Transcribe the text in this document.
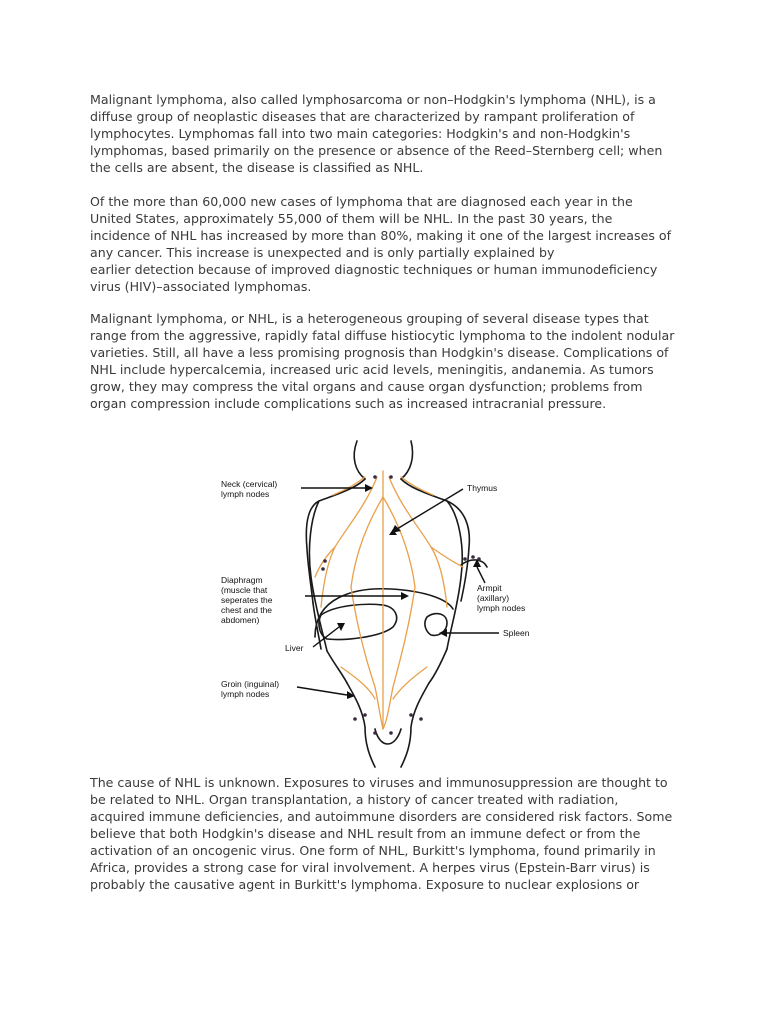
Malignant lymphoma, also called lymphosarcoma or non–Hodgkin's lymphoma (NHL), is a
diffuse group of neoplastic diseases that are characterized by rampant proliferation of
lymphocytes. Lymphomas fall into two main categories: Hodgkin's and non-Hodgkin's
lymphomas, based primarily on the presence or absence of the Reed–Sternberg cell; when
the cells are absent, the disease is classified as NHL.

Of the more than 60,000 new cases of lymphoma that are diagnosed each year in the
United States, approximately 55,000 of them will be NHL. In the past 30 years, the
incidence of NHL has increased by more than 80%, making it one of the largest increases of
any cancer. This increase is unexpected and is only partially explained by
earlier detection because of improved diagnostic techniques or human immunodeficiency
virus (HIV)–associated lymphomas.

Malignant lymphoma, or NHL, is a heterogeneous grouping of several disease types that
range from the aggressive, rapidly fatal diffuse histiocytic lymphoma to the indolent nodular
varieties. Still, all have a less promising prognosis than Hodgkin's disease. Complications of
NHL include hypercalcemia, increased uric acid levels, meningitis, andanemia. As tumors
grow, they may compress the vital organs and cause organ dysfunction; problems from
organ compression include complications such as increased intracranial pressure.

Neck (cervical) lymph nodes
Thymus
Diaphragm (muscle that seperates the chest and the abdomen)
Armpit (axillary) lymph nodes
Liver
Spleen
Groin (inguinal) lymph nodes

The cause of NHL is unknown. Exposures to viruses and immunosuppression are thought to
be related to NHL. Organ transplantation, a history of cancer treated with radiation,
acquired immune deficiencies, and autoimmune disorders are considered risk factors. Some
believe that both Hodgkin's disease and NHL result from an immune defect or from the
activation of an oncogenic virus. One form of NHL, Burkitt's lymphoma, found primarily in
Africa, provides a strong case for viral involvement. A herpes virus (Epstein-Barr virus) is
probably the causative agent in Burkitt's lymphoma. Exposure to nuclear explosions or
